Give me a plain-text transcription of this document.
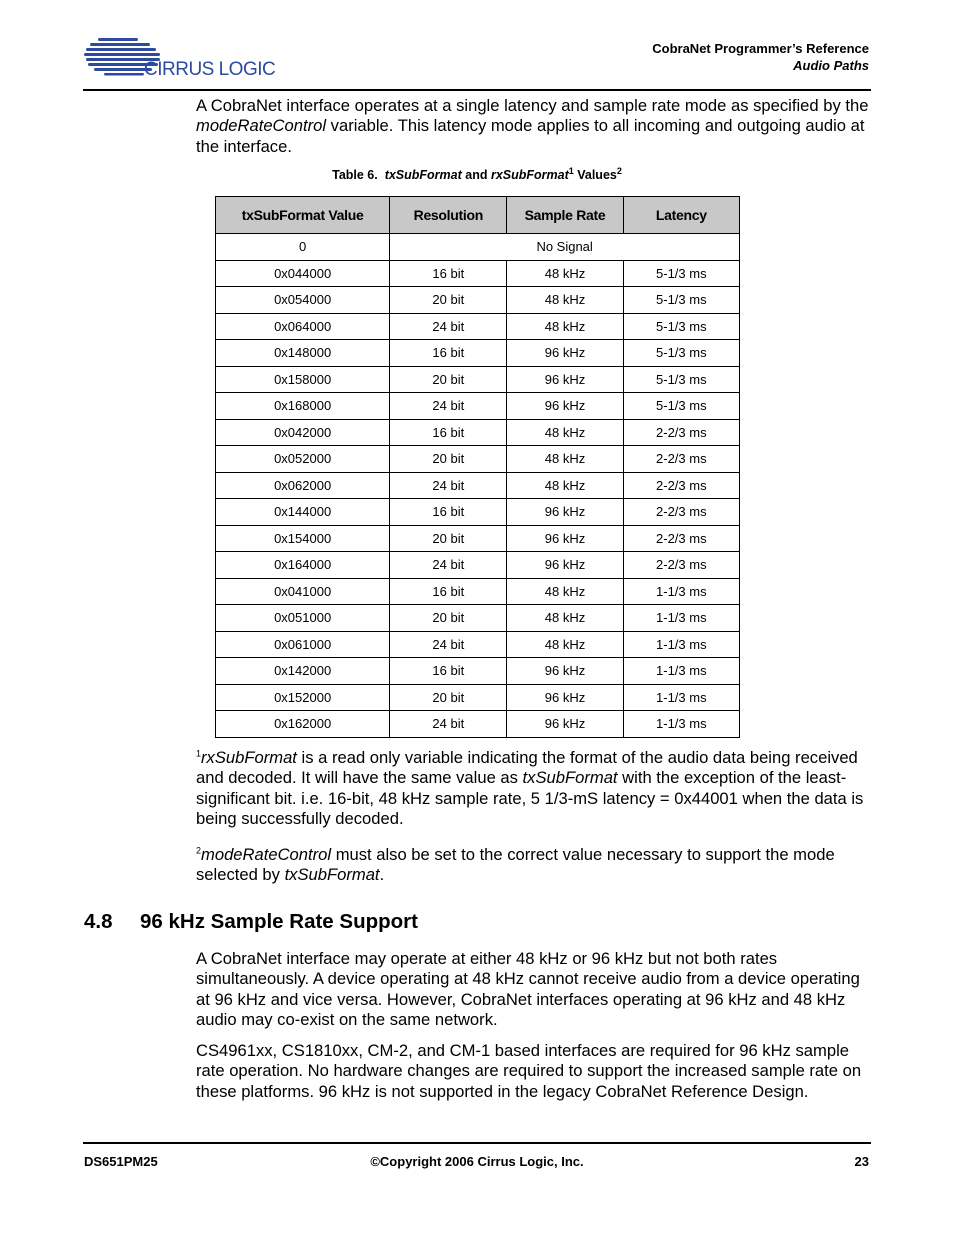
CIRRUS LOGIC
CobraNet Programmer’s Reference
Audio Paths

A CobraNet interface operates at a single latency and sample rate mode as specified by the modeRateControl variable. This latency mode applies to all incoming and outgoing audio at the interface.

Table 6. txSubFormat and rxSubFormat$^1$ Values$^2$
txSubFormat Value	Resolution	Sample Rate	Latency
0	No Signal		
0x044000	16 bit	48 kHz	5-1/3 ms
0x054000	20 bit	48 kHz	5-1/3 ms
0x064000	24 bit	48 kHz	5-1/3 ms
0x148000	16 bit	96 kHz	5-1/3 ms
0x158000	20 bit	96 kHz	5-1/3 ms
0x168000	24 bit	96 kHz	5-1/3 ms
0x042000	16 bit	48 kHz	2-2/3 ms
0x052000	20 bit	48 kHz	2-2/3 ms
0x062000	24 bit	48 kHz	2-2/3 ms
0x144000	16 bit	96 kHz	2-2/3 ms
0x154000	20 bit	96 kHz	2-2/3 ms
0x164000	24 bit	96 kHz	2-2/3 ms
0x041000	16 bit	48 kHz	1-1/3 ms
0x051000	20 bit	48 kHz	1-1/3 ms
0x061000	24 bit	48 kHz	1-1/3 ms
0x142000	16 bit	96 kHz	1-1/3 ms
0x152000	20 bit	96 kHz	1-1/3 ms
0x162000	24 bit	96 kHz	1-1/3 ms

$^1$rxSubFormat is a read only variable indicating the format of the audio data being received and decoded. It will have the same value as txSubFormat with the exception of the least-significant bit. i.e. 16-bit, 48 kHz sample rate, 5 1/3-mS latency = 0x44001 when the data is being successfully decoded.

$^2$modeRateControl must also be set to the correct value necessary to support the mode selected by txSubFormat.

4.8 96 kHz Sample Rate Support

A CobraNet interface may operate at either 48 kHz or 96 kHz but not both rates simultaneously. A device operating at 48 kHz cannot receive audio from a device operating at 96 kHz and vice versa. However, CobraNet interfaces operating at 96 kHz and 48 kHz audio may co-exist on the same network.

CS4961xx, CS1810xx, CM-2, and CM-1 based interfaces are required for 96 kHz sample rate operation. No hardware changes are required to support the increased sample rate on these platforms. 96 kHz is not supported in the legacy CobraNet Reference Design.

DS651PM25	©Copyright 2006 Cirrus Logic, Inc.	23
